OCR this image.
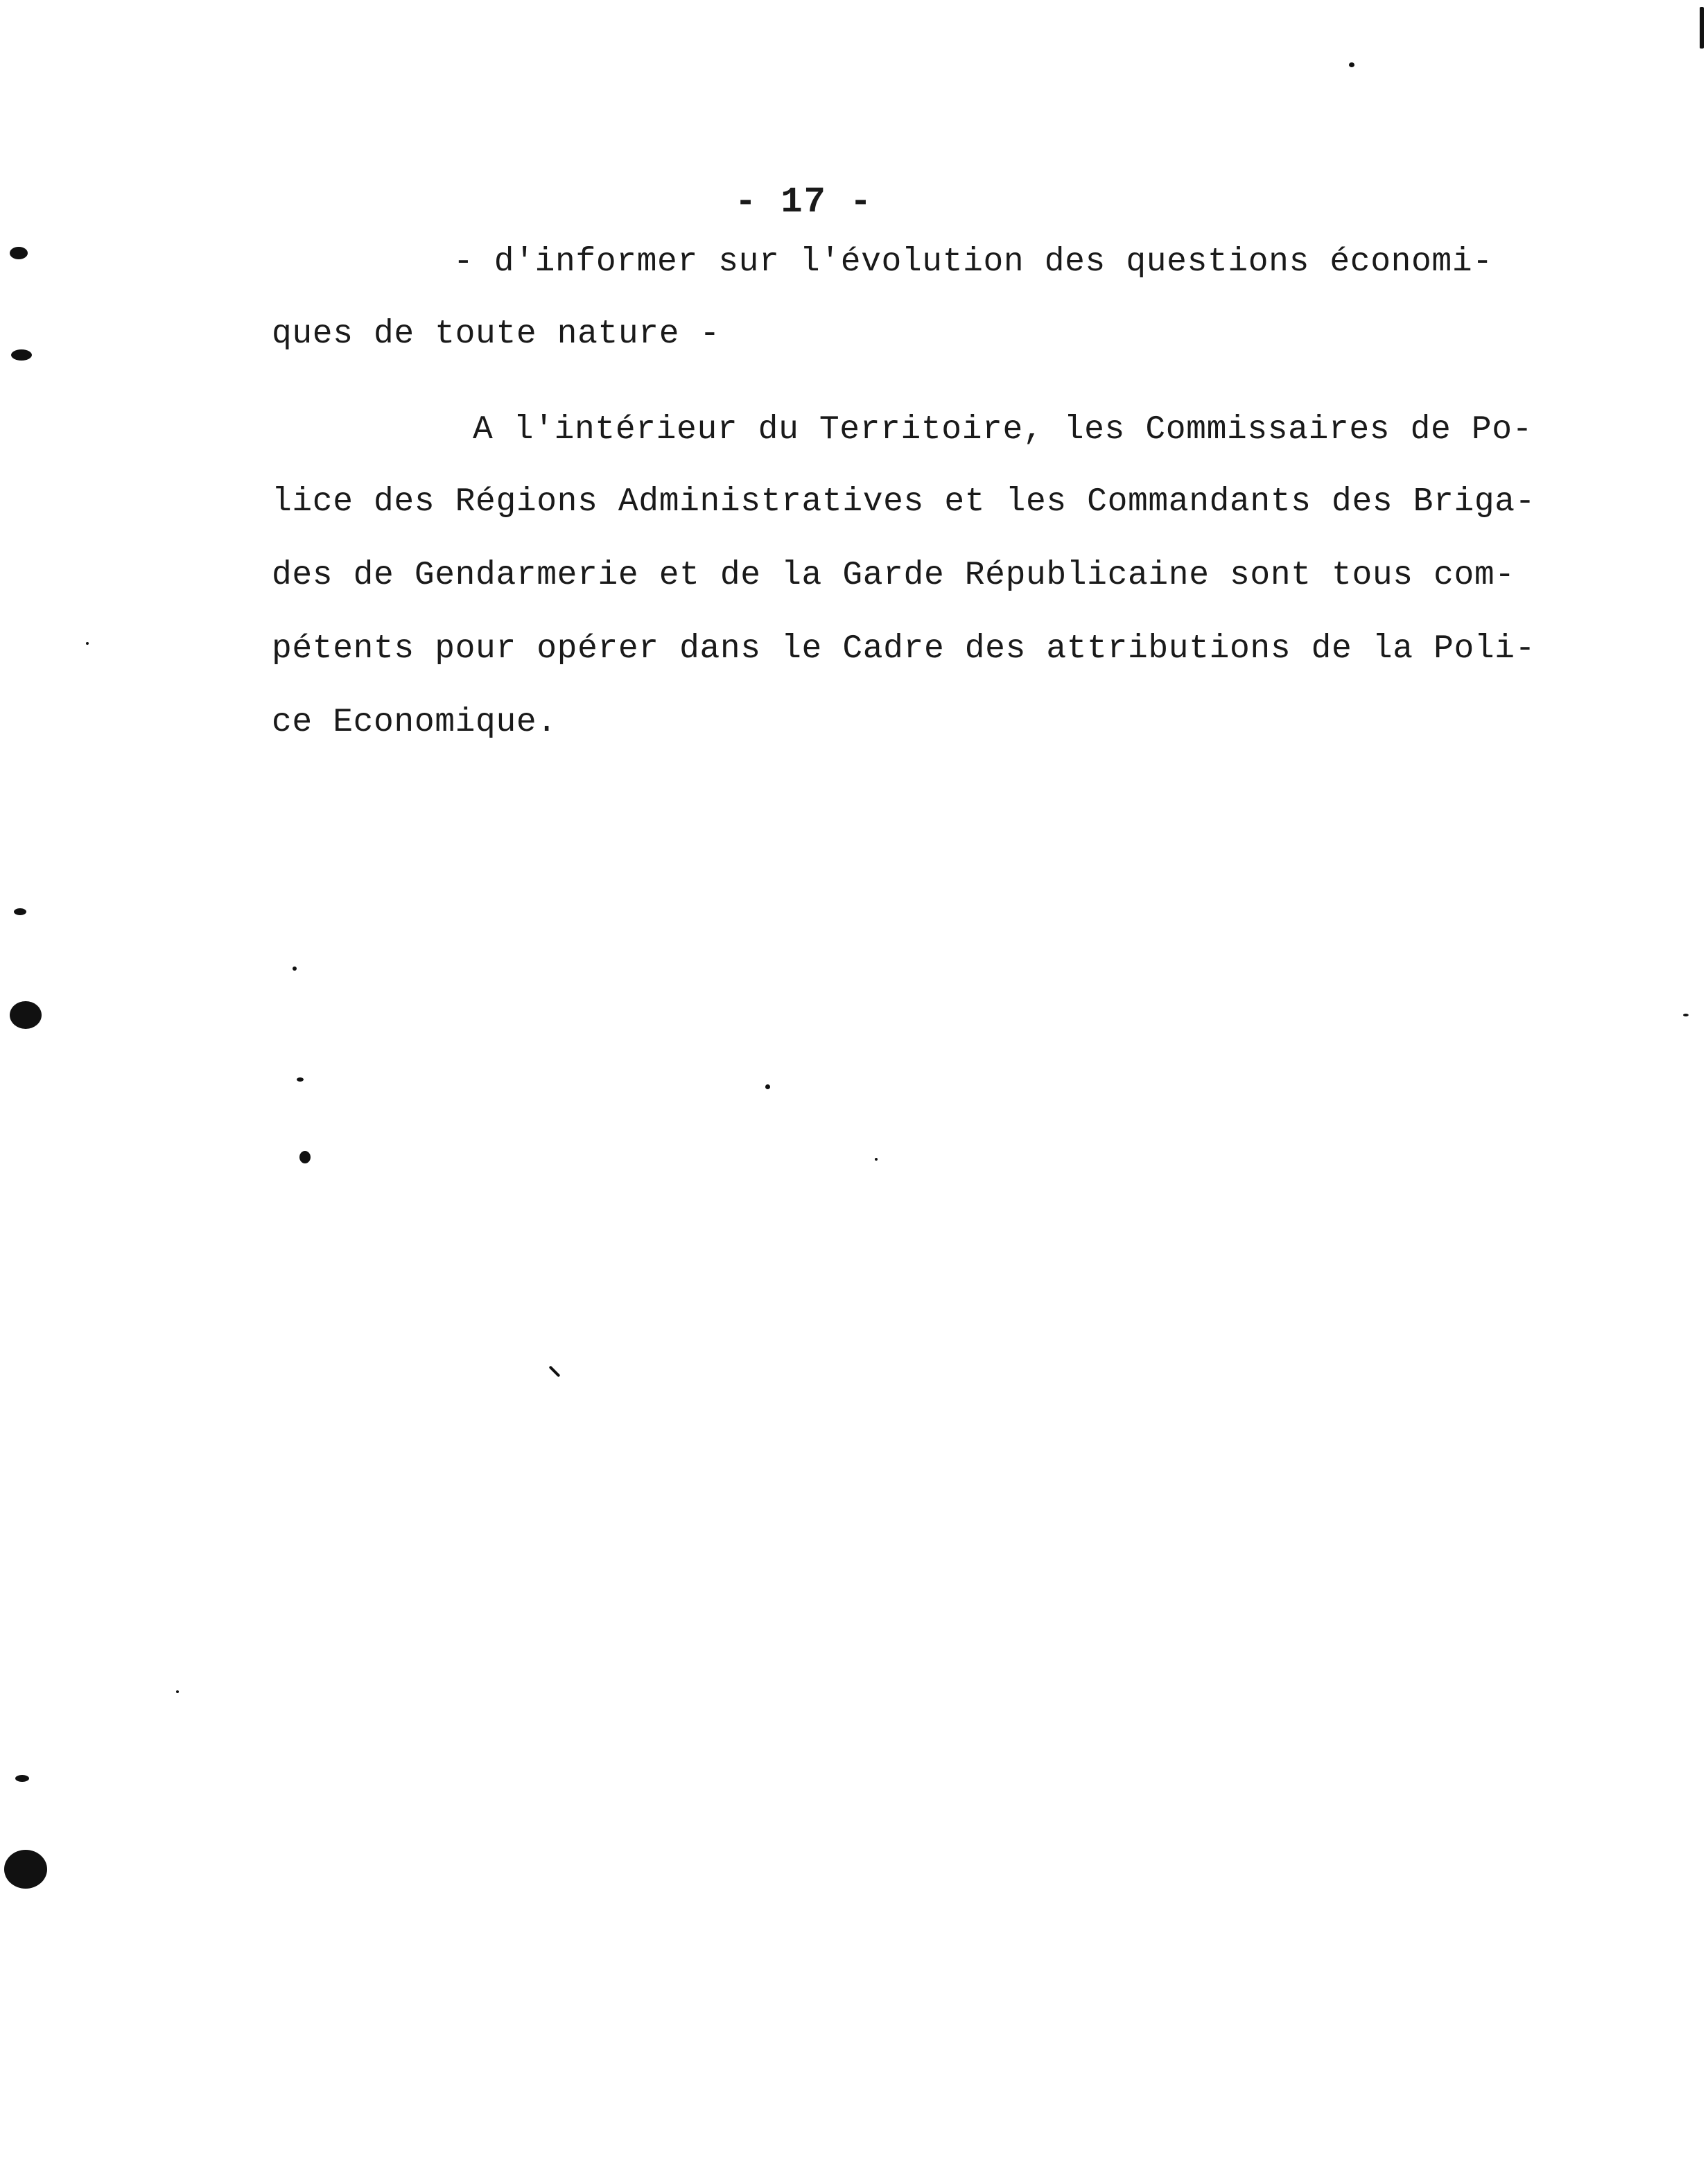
- 17 -
- d'informer sur l'évolution des questions économi-
ques de toute nature -
A l'intérieur du Territoire, les Commissaires de Po-
lice des Régions Administratives et les Commandants des Briga-
des de Gendarmerie et de la Garde Républicaine sont tous com-
pétents pour opérer dans le Cadre des attributions de la Poli-
ce Economique.
